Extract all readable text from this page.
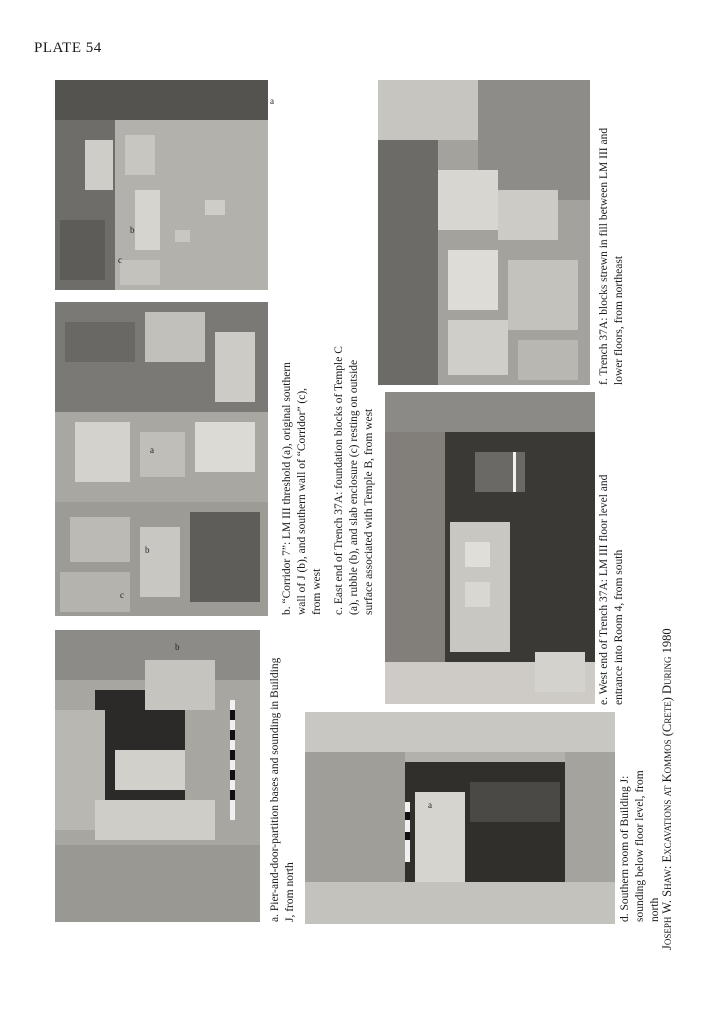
PLATE 54
a
b
c
a
b
c
b
a
b. “Corridor 7”: LM III threshold (a), original southern wall of J (b), and southern wall of “Corridor” (c), from west c. East end of Trench 37A: foundation blocks of Temple C (a), rubble (b), and slab enclosure (c) resting on outside surface associated with Temple B, from west
a. Pier-and-door-partition bases and sounding in Building J, from north
e. West end of Trench 37A: LM III floor level and entrance into Room 4, from south
f. Trench 37A: blocks strewn in fill between LM III and lower floors, from northeast
d. Southern room of Building J: sounding below floor level, from north Joseph W. Shaw: Excavations at Kommos (Crete) During 1980
